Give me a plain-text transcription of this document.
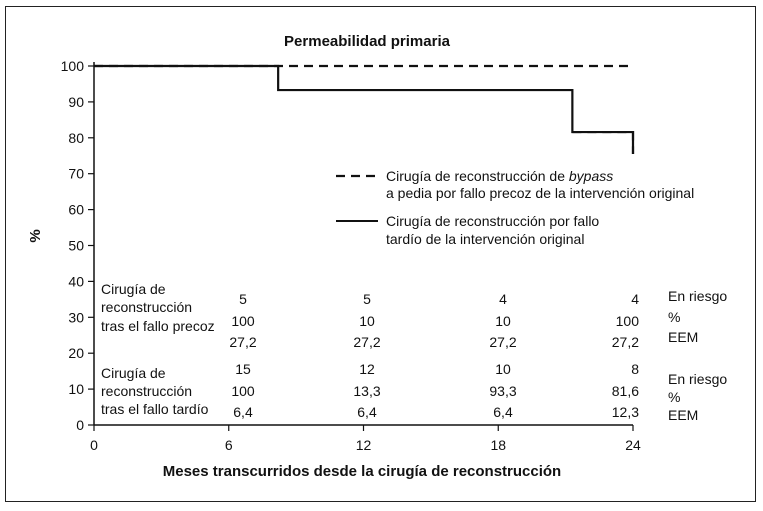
Permeabilidad primaria
0
10
20
30
40
50
60
70
80
90
100
0	6	12	18	24
Cirugía de reconstrucción de bypass
a pedia por fallo precoz de la intervención original
Cirugía de reconstrucción por fallo
tardío de la intervención original
Cirugía de
reconstrucción
tras el fallo precoz
5	5	4	4 En riesgo
100	10	10	100 %
27,2	27,2	27,2	27,2 EEM
Cirugía de
reconstrucción
tras el fallo tardío
15	12	10	8
En riesgo
100	13,3	93,3	81,6 %
6,4	6,4	6,4	12,3 EEM
%
Meses transcurridos desde la cirugía de reconstrucción
